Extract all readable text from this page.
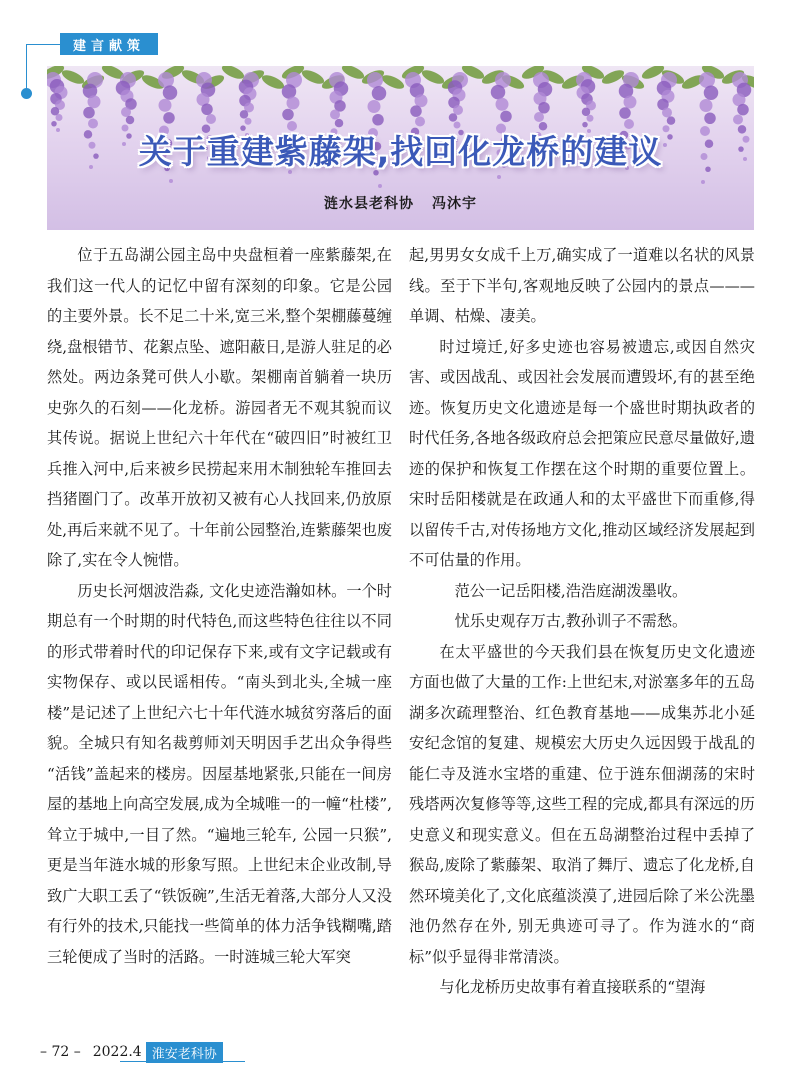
建言献策
关于重建紫藤架,找回化龙桥的建议
涟水县老科协 冯沐宇

位于五岛湖公园主岛中央盘桓着一座紫藤架,在我们这一代人的记忆中留有深刻的印象。它是公园的主要外景。长不足二十米,宽三米,整个架棚藤蔓缠绕,盘根错节、花絮点坠、遮阳蔽日,是游人驻足的必然处。两边条凳可供人小歇。架棚南首躺着一块历史弥久的石刻——化龙桥。游园者无不观其貌而议其传说。据说上世纪六十年代在“破四旧”时被红卫兵推入河中,后来被乡民捞起来用木制独轮车推回去挡猪圈门了。改革开放初又被有心人找回来,仍放原处,再后来就不见了。十年前公园整治,连紫藤架也废除了,实在令人惋惜。

历史长河烟波浩淼, 文化史迹浩瀚如林。一个时期总有一个时期的时代特色,而这些特色往往以不同的形式带着时代的印记保存下来,或有文字记载或有实物保存、或以民谣相传。“南头到北头,全城一座楼”是记述了上世纪六七十年代涟水城贫穷落后的面貌。全城只有知名裁剪师刘天明因手艺出众争得些 “活钱”盖起来的楼房。因屋基地紧张,只能在一间房屋的基地上向高空发展,成为全城唯一的一幢“杜楼”,耸立于城中,一目了然。“遍地三轮车, 公园一只猴”, 更是当年涟水城的形象写照。上世纪末企业改制,导致广大职工丢了“铁饭碗”,生活无着落,大部分人又没有行外的技术,只能找一些简单的体力活争钱糊嘴,踏三轮便成了当时的活路。一时涟城三轮大军突

起,男男女女成千上万,确实成了一道难以名状的风景线。至于下半句,客观地反映了公园内的景点———单调、枯燥、凄美。

时过境迁,好多史迹也容易被遗忘,或因自然灾害、或因战乱、或因社会发展而遭毁坏,有的甚至绝迹。恢复历史文化遗迹是每一个盛世时期执政者的时代任务,各地各级政府总会把策应民意尽量做好,遗迹的保护和恢复工作摆在这个时期的重要位置上。宋时岳阳楼就是在政通人和的太平盛世下而重修,得以留传千古,对传扬地方文化,推动区域经济发展起到不可估量的作用。

范公一记岳阳楼,浩浩庭湖泼墨收。

忧乐史观存万古,教孙训子不需愁。

在太平盛世的今天我们县在恢复历史文化遗迹方面也做了大量的工作:上世纪末,对淤塞多年的五岛湖多次疏理整治、红色教育基地——成集苏北小延安纪念馆的复建、规模宏大历史久远因毁于战乱的能仁寺及涟水宝塔的重建、位于涟东佃湖荡的宋时残塔两次复修等等,这些工程的完成,都具有深远的历史意义和现实意义。但在五岛湖整治过程中丢掉了猴岛,废除了紫藤架、取消了舞厅、遗忘了化龙桥,自然环境美化了,文化底蕴淡漠了,进园后除了米公洗墨池仍然存在外, 别无典迹可寻了。作为涟水的“商标”似乎显得非常清淡。

与化龙桥历史故事有着直接联系的“望海

– 72 – 2022.4 淮安老科协
